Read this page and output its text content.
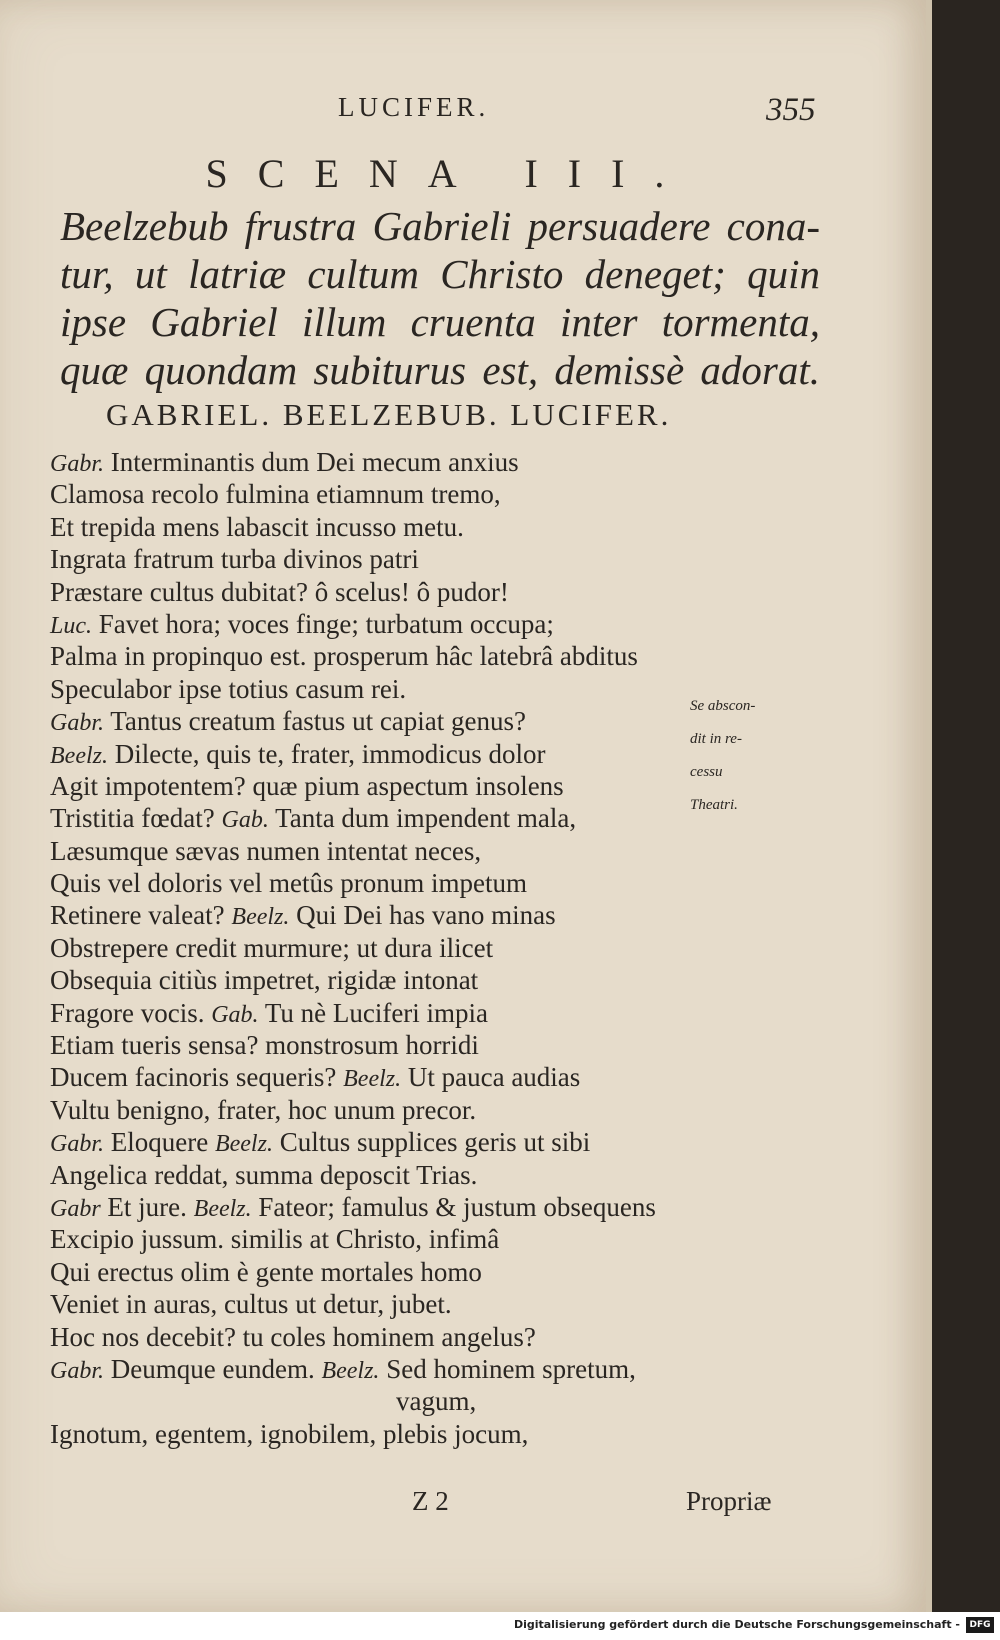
LUCIFER.	355
SCENA III.
Beelzebub frustra Gabrieli persuadere cona-
tur, ut latriæ cultum Christo deneget; quin
ipse Gabriel illum cruenta inter tormenta,
quæ quondam subiturus est, demissè adorat.
GABRIEL. BEELZEBUB. LUCIFER.
Gabr. Interminantis dum Dei mecum anxius
Clamosa recolo fulmina etiamnum tremo,
Et trepida mens labascit incusso metu.
Ingrata fratrum turba divinos patri
Præstare cultus dubitat? ô scelus! ô pudor!
Luc. Favet hora; voces finge; turbatum occupa;
Palma in propinquo est. prosperum hâc latebrâ abditus
Speculabor ipse totius casum rei.
Gabr. Tantus creatum fastus ut capiat genus?
Beelz. Dilecte, quis te, frater, immodicus dolor
Agit impotentem? quæ pium aspectum insolens
Tristitia fœdat? Gab. Tanta dum impendent mala,
Læsumque sævas numen intentat neces,
Quis vel doloris vel metûs pronum impetum
Retinere valeat? Beelz. Qui Dei has vano minas
Obstrepere credit murmure; ut dura ilicet
Obsequia citiùs impetret, rigidæ intonat
Fragore vocis. Gab. Tu nè Luciferi impia
Etiam tueris sensa? monstrosum horridi
Ducem facinoris sequeris? Beelz. Ut pauca audias
Vultu benigno, frater, hoc unum precor.
Gabr. Eloquere Beelz. Cultus supplices geris ut sibi
Angelica reddat, summa deposcit Trias.
Gabr Et jure. Beelz. Fateor; famulus & justum obsequens
Excipio jussum. similis at Christo, infimâ
Qui erectus olim è gente mortales homo
Veniet in auras, cultus ut detur, jubet.
Hoc nos decebit? tu coles hominem angelus?
Gabr. Deumque eundem. Beelz. Sed hominem spretum,
vagum,
Ignotum, egentem, ignobilem, plebis jocum,
Se abscon-
dit in re-
cessu
Theatri.
Z 2	Propriæ
Digitalisierung gefördert durch die Deutsche Forschungsgemeinschaft -	DFG
